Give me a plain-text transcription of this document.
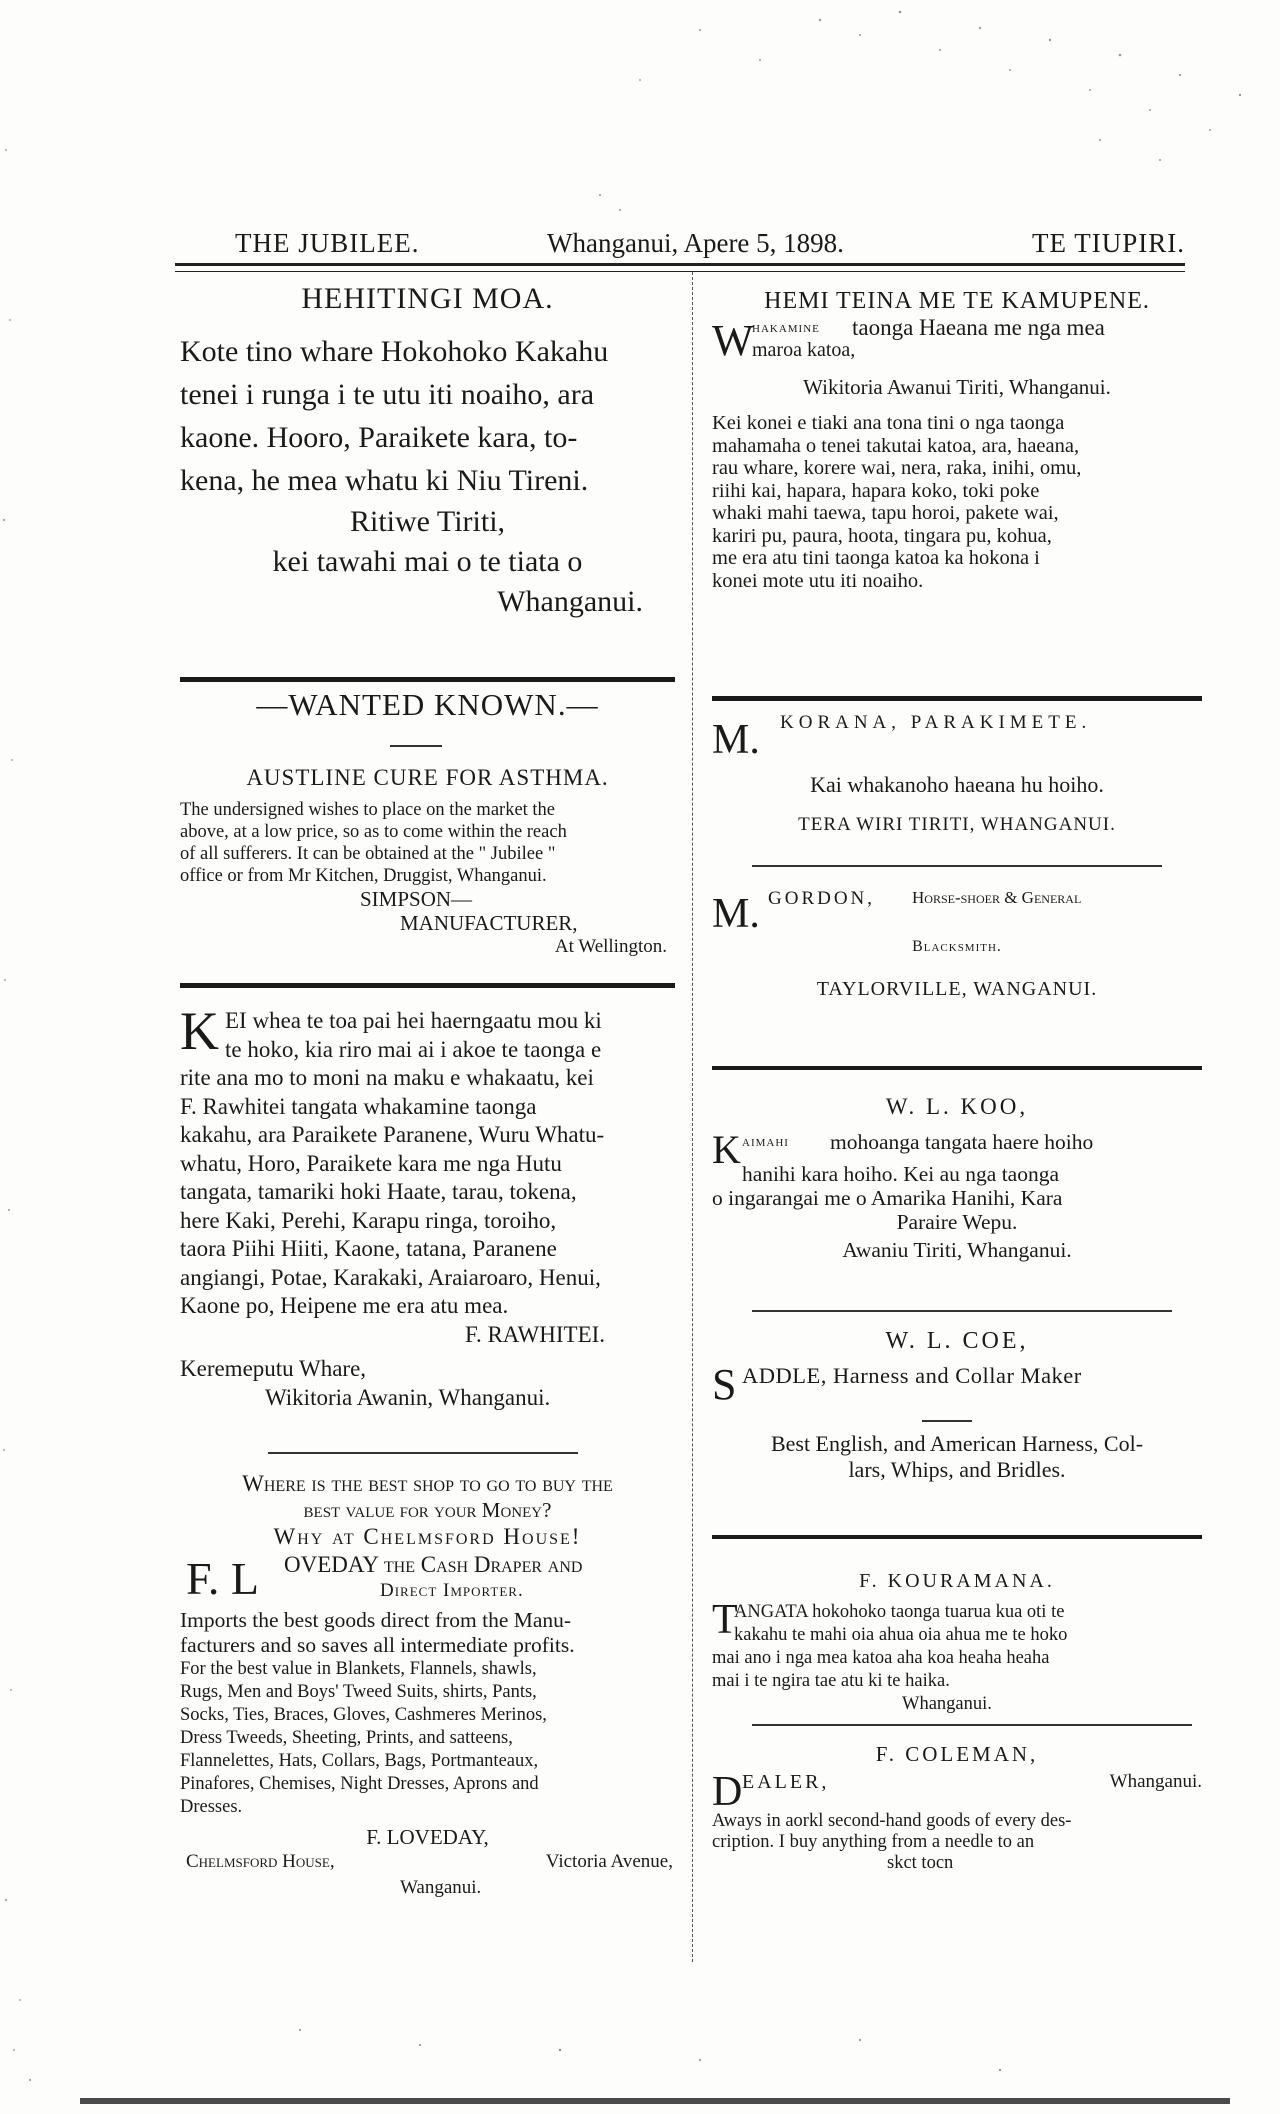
THE JUBILEE.	Whanganui, Apere 5, 1898.	TE TIUPIRI.
HEHITINGI MOA.

Kote tino whare Hokohoko Kakahu

tenei i runga i te utu iti noaiho, ara

kaone. Hooro, Paraikete kara, to-

kena, he mea whatu ki Niu Tireni.

Ritiwe Tiriti,

kei tawahi mai o te tiata o

Whanganui.

—WANTED KNOWN.—
AUSTLINE CURE FOR ASTHMA.

The undersigned wishes to place on the market the

above, at a low price, so as to come within the reach

of all sufferers. It can be obtained at the " Jubilee "

office or from Mr Kitchen, Druggist, Whanganui.

SIMPSON—

MANUFACTURER,

At Wellington.

K EI whea te toa pai hei haerngaatu mou ki

te hoko, kia riro mai ai i akoe te taonga e

rite ana mo to moni na maku e whakaatu, kei

F. Rawhitei tangata whakamine taonga

kakahu, ara Paraikete Paranene, Wuru Whatu-

whatu, Horo, Paraikete kara me nga Hutu

tangata, tamariki hoki Haate, tarau, tokena,

here Kaki, Perehi, Karapu ringa, toroiho,

taora Piihi Hiiti, Kaone, tatana, Paranene

angiangi, Potae, Karakaki, Araiaroaro, Henui,

Kaone po, Heipene me era atu mea.

F. RAWHITEI.

Keremeputu Whare,

Wikitoria Awanin, Whanganui.

Where is the best shop to go to buy the

best value for your Money?

Why at Chelmsford House!

F. L OVEDAY the Cash Draper and
Direct Importer.

Imports the best goods direct from the Manu-

facturers and so saves all intermediate profits.

For the best value in Blankets, Flannels, shawls,

Rugs, Men and Boys' Tweed Suits, shirts, Pants,

Socks, Ties, Braces, Gloves, Cashmeres Merinos,

Dress Tweeds, Sheeting, Prints, and satteens,

Flannelettes, Hats, Collars, Bags, Portmanteaux,

Pinafores, Chemises, Night Dresses, Aprons and

Dresses.

F. LOVEDAY,

Chelmsford House,	Victoria Avenue,

Wanganui.

HEMI TEINA ME TE KAMUPENE.

W
hakamine taonga Haeana me nga mea
maroa katoa,

Wikitoria Awanui Tiriti, Whanganui.

Kei konei e tiaki ana tona tini o nga taonga

mahamaha o tenei takutai katoa, ara, haeana,

rau whare, korere wai, nera, raka, inihi, omu,

riihi kai, hapara, hapara koko, toki poke

whaki mahi taewa, tapu horoi, pakete wai,

kariri pu, paura, hoota, tingara pu, kohua,

me era atu tini taonga katoa ka hokona i

konei mote utu iti noaiho.

M. KORANA, PARAKIMETE.

Kai whakanoho haeana hu hoiho.

TERA WIRI TIRITI, WHANGANUI.

M. GORDON, Horse-shoer & General

Blacksmith.

TAYLORVILLE, WANGANUI.

W. L. KOO,

K aimahi mohoanga tangata haere hoiho

hanihi kara hoiho. Kei au nga taonga

o ingarangai me o Amarika Hanihi, Kara

Paraire Wepu.

Awaniu Tiriti, Whanganui.

W. L. COE,

S ADDLE, Harness and Collar Maker

Best English, and American Harness, Col-

lars, Whips, and Bridles.

F. KOURAMANA.

T

ANGATA hokohoko taonga tuarua kua oti te

kakahu te mahi oia ahua oia ahua me te hoko

mai ano i nga mea katoa aha koa heaha heaha

mai i te ngira tae atu ki te haika.

Whanganui.

F. COLEMAN,

D EALER,	Whanganui.

Aways in aorkl second-hand goods of every des-

cription. I buy anything from a needle to an

skct tocn
